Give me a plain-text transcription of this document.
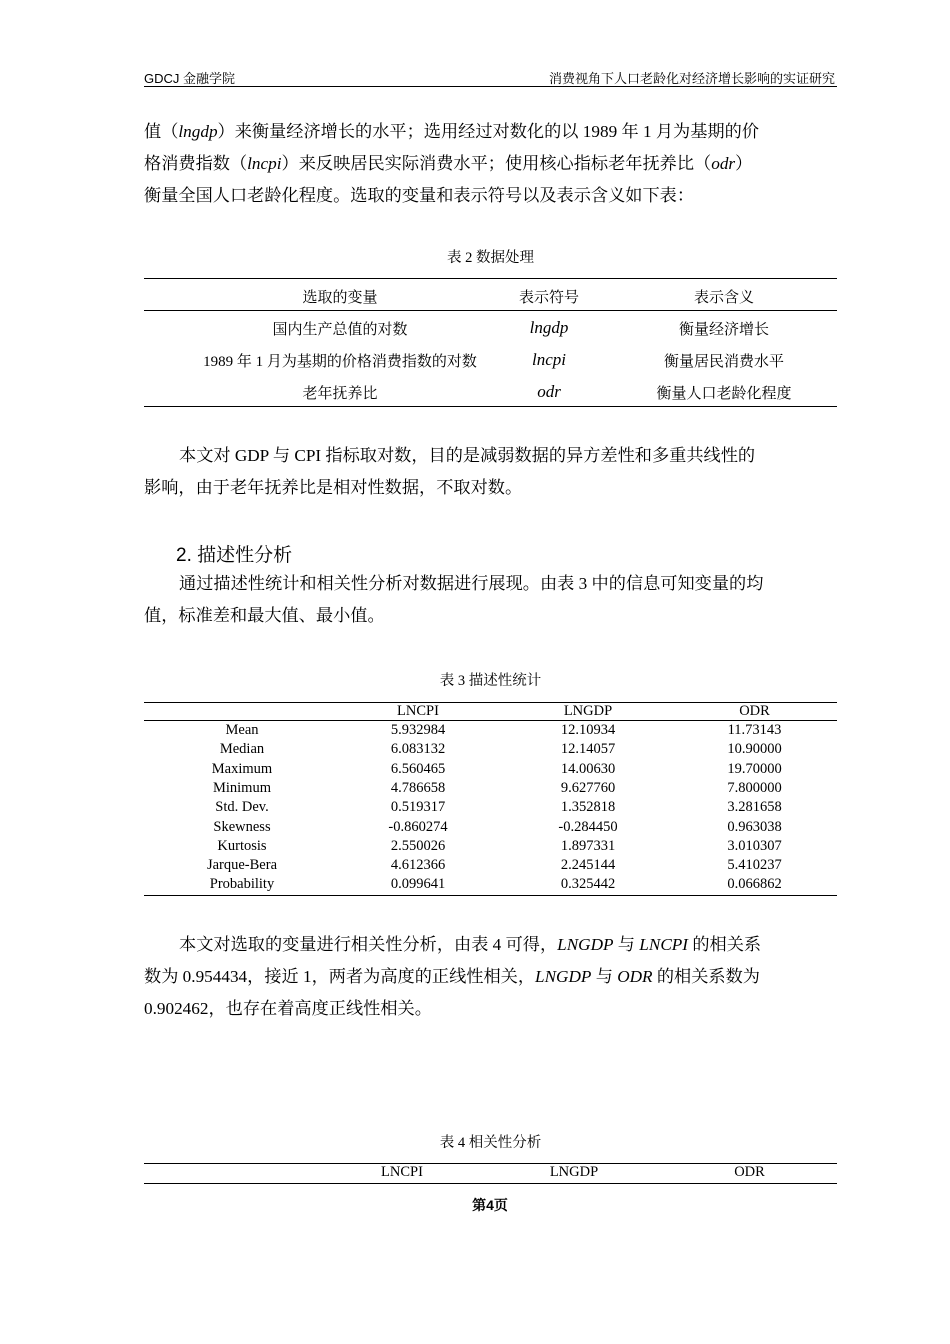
GDCJ 金融学院	消费视角下人口老龄化对经济增长影响的实证研究
值（lngdp）来衡量经济增长的水平；选用经过对数化的以 1989 年 1 月为基期的价
格消费指数（lncpi）来反映居民实际消费水平；使用核心指标老年抚养比（odr）
衡量全国人口老龄化程度。选取的变量和表示符号以及表示含义如下表：
表 2 数据处理
选取的变量	表示符号	表示含义
国内生产总值的对数	lngdp	衡量经济增长
1989 年 1 月为基期的价格消费指数的对数	lncpi	衡量居民消费水平
老年抚养比	odr	衡量人口老龄化程度
本文对 GDP 与 CPI 指标取对数，目的是减弱数据的异方差性和多重共线性的
影响，由于老年抚养比是相对性数据，不取对数。
2. 描述性分析
通过描述性统计和相关性分析对数据进行展现。由表 3 中的信息可知变量的均
值，标准差和最大值、最小值。
表 3 描述性统计
LNCPI	LNGDP	ODR
Mean	5.932984	12.10934	11.73143
Median	6.083132	12.14057	10.90000
Maximum	6.560465	14.00630	19.70000
Minimum	4.786658	9.627760	7.800000
Std. Dev.	0.519317	1.352818	3.281658
Skewness	-0.860274	-0.284450	0.963038
Kurtosis	2.550026	1.897331	3.010307
Jarque-Bera	4.612366	2.245144	5.410237
Probability	0.099641	0.325442	0.066862
本文对选取的变量进行相关性分析，由表 4 可得，LNGDP 与 LNCPI 的相关系
数为 0.954434，接近 1，两者为高度的正线性相关，LNGDP 与 ODR 的相关系数为
0.902462，也存在着高度正线性相关。
表 4 相关性分析
LNCPI	LNGDP	ODR
第4页
